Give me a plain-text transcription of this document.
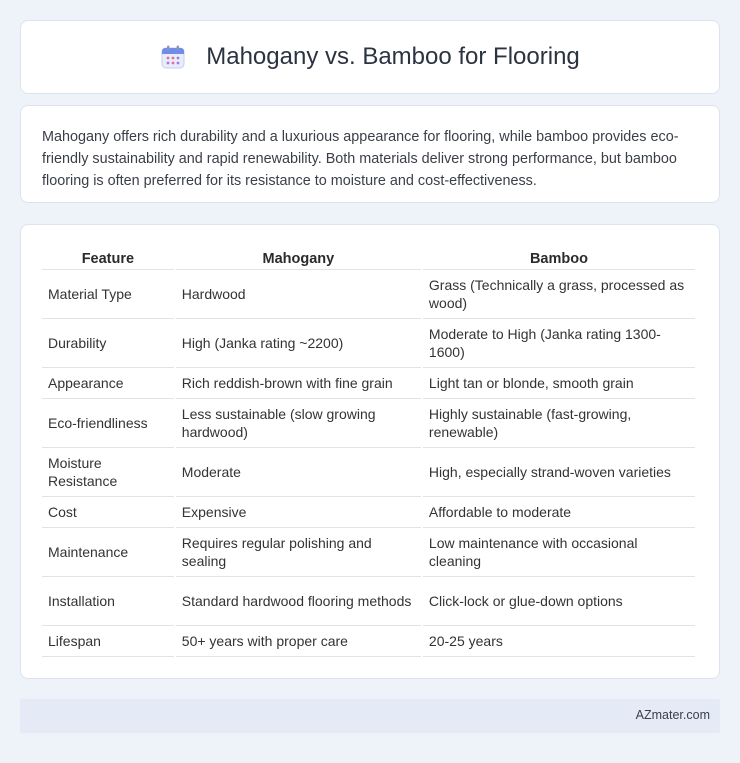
Mahogany vs. Bamboo for Flooring

Mahogany offers rich durability and a luxurious appearance for flooring, while bamboo provides eco-friendly sustainability and rapid renewability. Both materials deliver strong performance, but bamboo flooring is often preferred for its resistance to moisture and cost-effectiveness.

Feature	Mahogany	Bamboo
Material Type	Hardwood	Grass (Technically a grass, processed as wood)
Durability	High (Janka rating ~2200)	Moderate to High (Janka rating 1300-1600)
Appearance	Rich reddish-brown with fine grain	Light tan or blonde, smooth grain
Eco-friendliness	Less sustainable (slow growing hardwood)	Highly sustainable (fast-growing, renewable)
Moisture Resistance	Moderate	High, especially strand-woven varieties
Cost	Expensive	Affordable to moderate
Maintenance	Requires regular polishing and sealing	Low maintenance with occasional cleaning
Installation	Standard hardwood flooring methods	Click-lock or glue-down options
Lifespan	50+ years with proper care	20-25 years
AZmater.com
